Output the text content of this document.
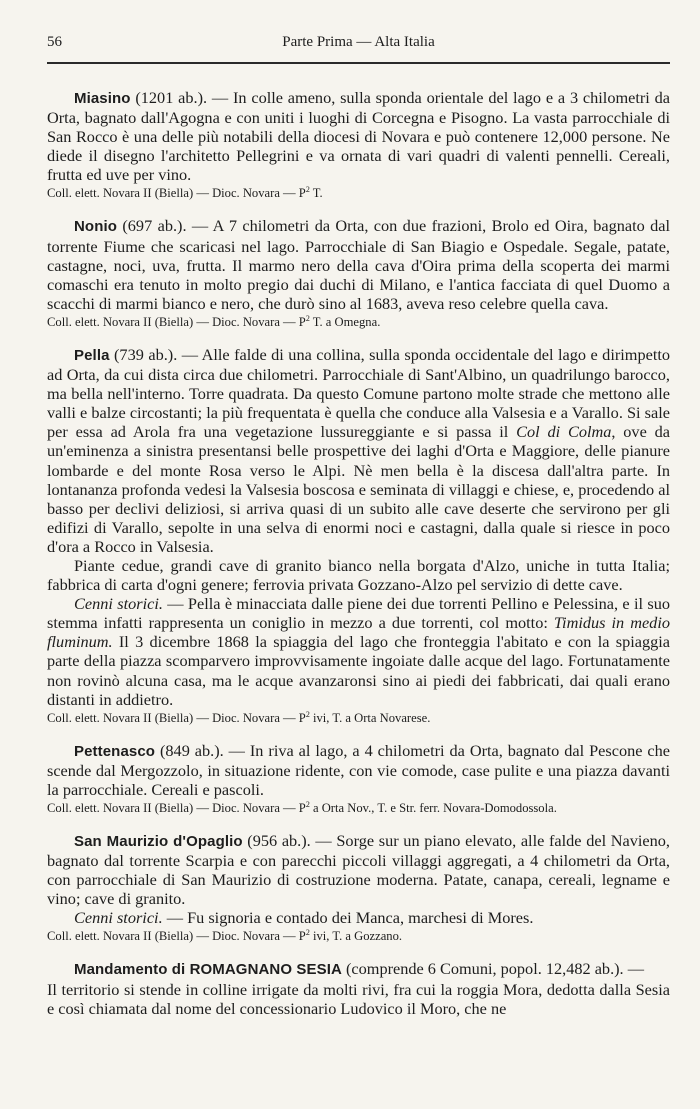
56	Parte Prima — Alta Italia

Miasino (1201 ab.). — In colle ameno, sulla sponda orientale del lago e a 3 chilometri da Orta, bagnato dall'Agogna e con uniti i luoghi di Corcegna e Pisogno. La vasta parrocchiale di San Rocco è una delle più notabili della diocesi di Novara e può contenere 12,000 persone. Ne diede il disegno l'architetto Pellegrini e va ornata di vari quadri di valenti pennelli. Cereali, frutta ed uve per vino.

Coll. elett. Novara II (Biella) — Dioc. Novara — $P^2$ T.

Nonio (697 ab.). — A 7 chilometri da Orta, con due frazioni, Brolo ed Oira, bagnato dal torrente Fiume che scaricasi nel lago. Parrocchiale di San Biagio e Ospedale. Segale, patate, castagne, noci, uva, frutta. Il marmo nero della cava d'Oira prima della scoperta dei marmi comaschi era tenuto in molto pregio dai duchi di Milano, e l'antica facciata di quel Duomo a scacchi di marmi bianco e nero, che durò sino al 1683, aveva reso celebre quella cava.

Coll. elett. Novara II (Biella) — Dioc. Novara — $P^2$ T. a Omegna.

Pella (739 ab.). — Alle falde di una collina, sulla sponda occidentale del lago e dirimpetto ad Orta, da cui dista circa due chilometri. Parrocchiale di Sant'Albino, un quadrilungo barocco, ma bella nell'interno. Torre quadrata. Da questo Comune partono molte strade che mettono alle valli e balze circostanti; la più frequentata è quella che conduce alla Valsesia e a Varallo. Si sale per essa ad Arola fra una vegetazione lussureggiante e si passa il Col di Colma, ove da un'eminenza a sinistra presentansi belle prospettive dei laghi d'Orta e Maggiore, delle pianure lombarde e del monte Rosa verso le Alpi. Nè men bella è la discesa dall'altra parte. In lontananza profonda vedesi la Valsesia boscosa e seminata di villaggi e chiese, e, procedendo al basso per declivi deliziosi, si arriva quasi di un subito alle cave deserte che servirono per gli edifizi di Varallo, sepolte in una selva di enormi noci e castagni, dalla quale si riesce in poco d'ora a Rocco in Valsesia.

Piante cedue, grandi cave di granito bianco nella borgata d'Alzo, uniche in tutta Italia; fabbrica di carta d'ogni genere; ferrovia privata Gozzano-Alzo pel servizio di dette cave.

Cenni storici. — Pella è minacciata dalle piene dei due torrenti Pellino e Pelessina, e il suo stemma infatti rappresenta un coniglio in mezzo a due torrenti, col motto: Timidus in medio fluminum. Il 3 dicembre 1868 la spiaggia del lago che fronteggia l'abitato e con la spiaggia parte della piazza scomparvero improvvisamente ingoiate dalle acque del lago. Fortunatamente non rovinò alcuna casa, ma le acque avanzaronsi sino ai piedi dei fabbricati, dai quali erano distanti in addietro.

Coll. elett. Novara II (Biella) — Dioc. Novara — $P^2$ ivi, T. a Orta Novarese.

Pettenasco (849 ab.). — In riva al lago, a 4 chilometri da Orta, bagnato dal Pescone che scende dal Mergozzolo, in situazione ridente, con vie comode, case pulite e una piazza davanti la parrocchiale. Cereali e pascoli.

Coll. elett. Novara II (Biella) — Dioc. Novara — $P^2$ a Orta Nov., T. e Str. ferr. Novara-Domodossola.

San Maurizio d'Opaglio (956 ab.). — Sorge sur un piano elevato, alle falde del Navieno, bagnato dal torrente Scarpia e con parecchi piccoli villaggi aggregati, a 4 chilometri da Orta, con parrocchiale di San Maurizio di costruzione moderna. Patate, canapa, cereali, legname e vino; cave di granito.

Cenni storici. — Fu signoria e contado dei Manca, marchesi di Mores.

Coll. elett. Novara II (Biella) — Dioc. Novara — $P^2$ ivi, T. a Gozzano.

Mandamento di ROMAGNANO SESIA (comprende 6 Comuni, popol. 12,482 ab.). —

Il territorio si stende in colline irrigate da molti rivi, fra cui la roggia Mora, dedotta dalla Sesia e così chiamata dal nome del concessionario Ludovico il Moro, che ne
